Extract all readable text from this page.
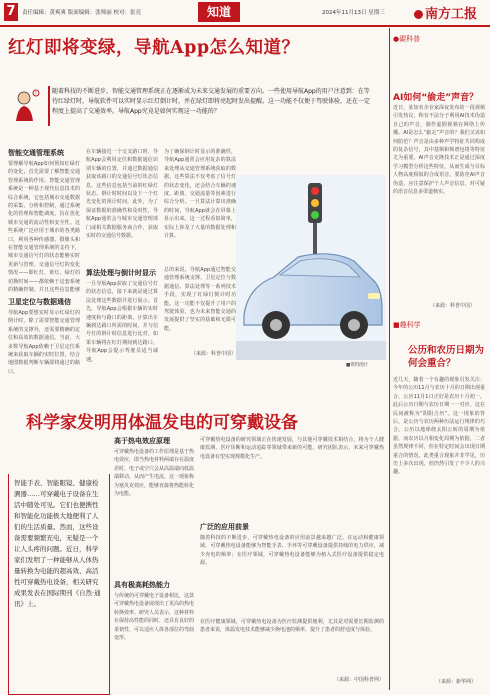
7	责任编辑：黄爽爽 版面编辑：张师丽 校对：张亮	知道	2024年11月13日 星期三	南方工报
红灯即将变绿，导航App怎么知道？
?	随着科技的不断进步，智能交通管理系统正在逐渐成为未来交通发展的重要方向。一些使用导航App的用户注意到：在等待红绿灯时，导航软件可以实时显示红灯倒计时，并在绿灯即将亮起时发出提醒。这一功能不仅便于驾驶体验，还在一定程度上提高了交通效率。导航App究竟是如何实现这一功能的？
智能交通管理系统
要理解导航App如何预知红绿灯的变化，首先需要了解智能交通管理系统的作用。智能交通管理系统是一种基于现代信息技术的综合系统，它包括城市交通数据的采集、分析和控制，通过系统化的管理和智能调度，旨在优化城市交通的流动性和安全性。这些系统广泛应用于城市的各类路口，利用各种传感器、摄像头和
在智能交通管理系统的支持下，城市交通信号灯的状态能够实时更新与管理。交通信号灯的变化情况——即红灯、黄灯、绿灯的切换时间——都依赖于这套系统的精确控制。并且这些信息能够
卫星定位与数据通信
导航App要想实时显示红绿灯的倒计时，除了需要智能交通管理系统的支撑外，还需要精确的定位和高效的数据通信。当前，大多数导航App依赖于卫星定位系统来获取车辆的实时位置，结合地图数据判断车辆即将通过的路口。
在车辆接近一个交叉路口时，导航App会利用定位和数据通信识别车辆的位置，并通过数据通信获取该路口的交通信号灯状态信息。这些信息包括当前的红绿灯状态、倒计时时间以及下一个灯光变化的预计时间。此外，为了保证数据的准确性和及时性，导航App通常会与城市交通管理部门或相关数据服务商合作，获取实时的交通信号数据。
算法处理与倒计时显示
一旦导航App获取了交通信号灯的状态信息，接下来就是通过算法处理这些数据并进行展示。首先，导航App会根据车辆的实时速度和与路口的距离，计算出车辆到达路口所需的时间，并与信号灯的倒计时信息进行比对。如果车辆将在红灯期间到达路口，导航App会提示驾驶员适当减速。
为了确保倒计时显示的准确性，导航App通常会应用复杂的算法来处理从交通管理系统获取的数据。这些算法不仅考虑了信号灯的状态变化，还会结合车辆的速度、距离、交通流量等因素进行综合分析。一旦算法计算出准确的时间，导航App就会在屏幕上显示出来。这一过程看似简单，实际上涉及了大量的数据处理和计算。
总的来说，导航App通过智能交通管理系统支撑、卫星定位与数据通信、算法处理等一系列技术手段，实现了红绿灯倒计时功能。这一功能不仅提升了用户的驾驶体验，也为未来智能交通的发展提供了坚实的基础和无限可能。
（来源：科普中国）
■资料图片
●碳科普
AI如何“偷走”声音？
近日，某知名企业家深夜发布的一段视频引发热议，称有不法分子利用AI技术伪造自己的声音，制作虚假视频在网络上传播。AI是怎么“偷走”声音的？我们又该如何防范？声音是由多种声学特征共同构成的复杂信号，其中基频和频谱包络等特征尤为重要。AI声音克隆技术正是通过深度学习模型分析这些特征，从而生成与目标人物高度相似的合成语音。要防范AI声音伪造，应注意保护个人声音信息，对可疑的语音信息多渠道核实。
（来源：科普中国）
■趣科学
公历和农历日期为何会重合？
近几天，随着一个有趣的现象引发关注：今年的公历11月与农历十月的日期出现重合，公历11月1日正好是农历十月初一，此后公历日期与农历日期一一对应，这在民间被称为“阴阳合历”。这一现象的背后，是公历与农历两种历法运行规律的巧合。公历以地球绕太阳公转的周期为依据，而农历以月相变化周期为依据，二者虽然规律不同，但在特定时间会出现日期重合的情况。此类重合现象并非罕见，历史上多次出现，但仍然引发了不少人的兴趣。
（来源：新华网）
科学家发明用体温发电的可穿戴设备
智能手表、智能眼镜、健康检测器……可穿戴电子设备在生活中随处可见。它们也便携性和智能化功能极大地便利了人们的生活质量。然而，这些设备需要频繁充电，无疑是一个让人头疼的问题。近日，科学家们发明了一种能够从人体热量转换为电能的超高效、高活性可穿戴热电设备，相关研究成果发表在国际期刊《自然·通讯》上。
高于热电效应原理
可穿戴热电设备的工作原理是基于热电效应，即当热电材料两端存在温度差时，电子或空穴会从高温端向低温端移动，从而产生电流。这一现象称为塞贝克效应，能够直接将热能转化为电能。
具有极高耗热能力
与传统的可穿戴电子设备相比，这款可穿戴热电设备展现出了更高的热电转换效率。研究人员表示，这种材料在保持高性能的同时，还具有良好的柔韧性，可以适应人体各部位的弯曲变形。
可穿戴热电设备的研究领域正在快速发展，与其他可穿戴技术相结合，将为个人健康监测、医疗诊断和运动追踪等领域带来新的可能。研究团队表示，未来可穿戴热电设备有望实现规模化生产。
广泛的应用前景
随着科技的不断进步，可穿戴热电设备的应用前景越来越广泛。在运动和健康领域，可穿戴热电设备能够为智能手表、手环等可穿戴设备提供持续的电力供应，减少充电的频率；在医疗领域，可穿戴热电设备能够为植入式医疗设备提供稳定电源。
在医疗健康领域，可穿戴热电设备为医疗监测提供便利，尤其是对需要长期监测的患者来说，体温发电技术能够减少换电池的频率，提升了患者的舒适度与体验。
（来源：中国科普网）
